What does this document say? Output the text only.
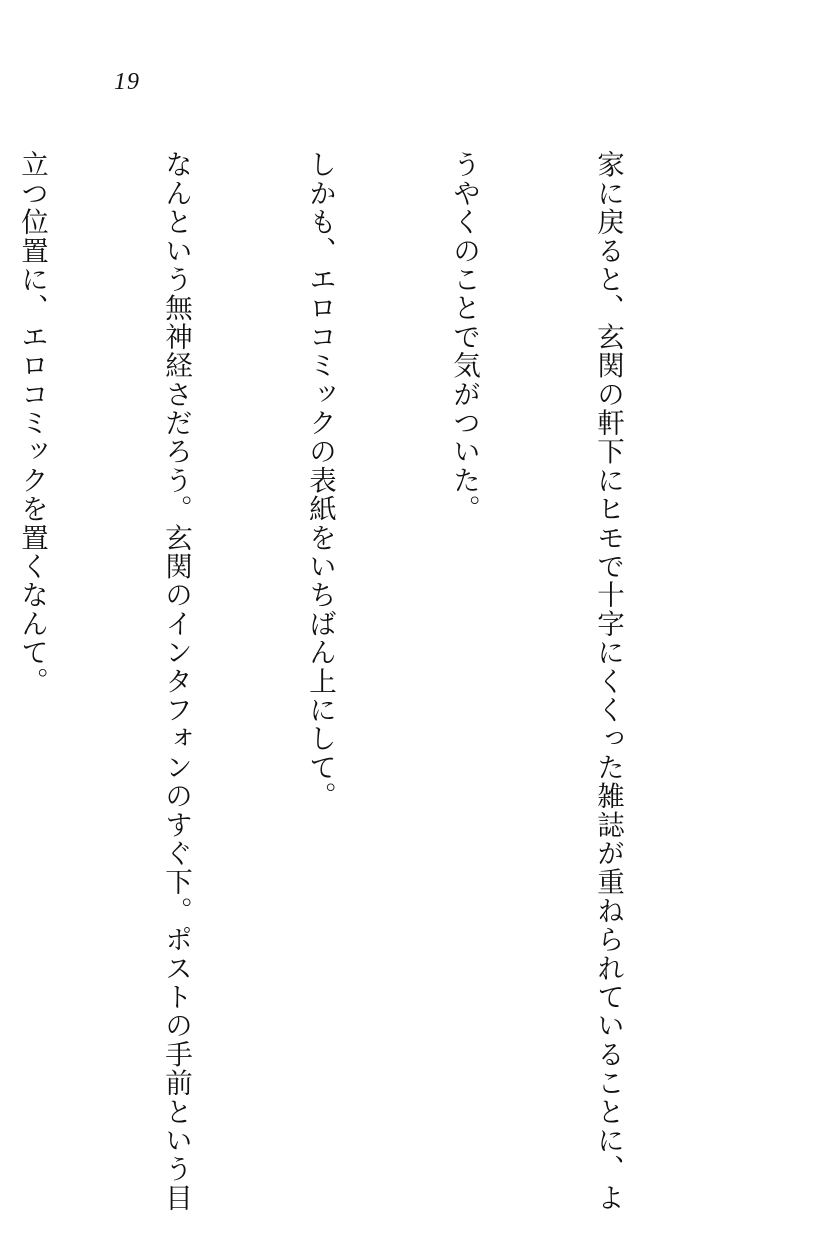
19

家に戻ると、玄関の軒下にヒモで十字にくくった雑誌が重ねられていることに、よ

うやくのことで気がついた。

しかも、エロコミックの表紙をいちばん上にして。

なんという無神経さだろう。玄関のインタフォンのすぐ下。ポストの手前という目

立つ位置に、エロコミックを置くなんて。
